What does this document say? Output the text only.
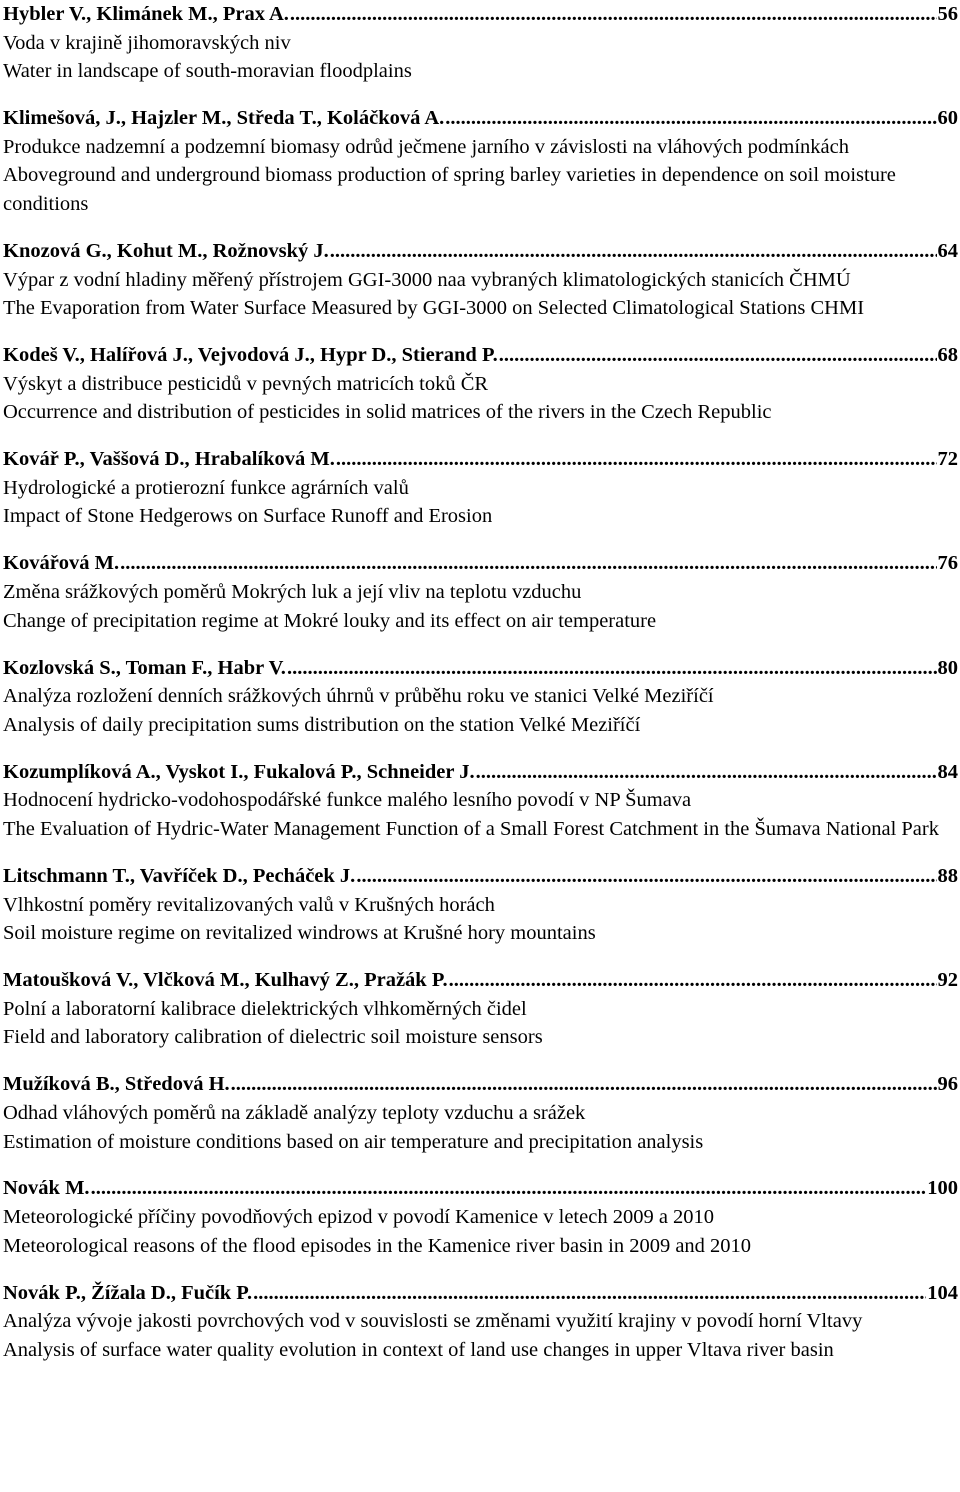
Hybler V., Klimánek M., Prax A. .....	56
Voda v krajině jihomoravských niv
Water in landscape of south-moravian floodplains
Klimešová, J., Hajzler M., Středa T., Koláčková A. .....	60
Produkce nadzemní a podzemní biomasy odrůd ječmene jarního v závislosti na vláhových podmínkách
Aboveground and underground biomass production of spring barley varieties in dependence on soil moisture conditions
Knozová G., Kohut M., Rožnovský J. .....	64
Výpar z vodní hladiny měřený přístrojem GGI-3000 naa vybraných klimatologických stanicích ČHMÚ
The Evaporation from Water Surface Measured by GGI-3000 on Selected Climatological Stations CHMI
Kodeš V., Halířová J., Vejvodová J., Hypr D., Stierand P. .....	68
Výskyt a distribuce pesticidů v pevných matricích toků ČR
Occurrence and distribution of pesticides in solid matrices of the rivers in the Czech Republic
Kovář P., Vaššová D., Hrabalíková M. .....	72
Hydrologické a protierozní funkce agrárních valů
Impact of Stone Hedgerows on Surface Runoff and Erosion
Kovářová M. .....	76
Změna srážkových poměrů Mokrých luk a její vliv na teplotu vzduchu
Change of precipitation regime at Mokré louky and its effect on air temperature
Kozlovská S., Toman F., Habr V. .....	80
Analýza rozložení denních srážkových úhrnů v průběhu roku ve stanici Velké Meziříčí
Analysis of daily precipitation sums distribution on the station Velké Meziříčí
Kozumplíková A., Vyskot I., Fukalová P., Schneider J. .....	84
Hodnocení hydricko-vodohospodářské funkce malého lesního povodí v NP Šumava
The Evaluation of Hydric-Water Management Function of a Small Forest Catchment in the Šumava National Park
Litschmann T., Vavříček D., Pecháček J. .....	88
Vlhkostní poměry revitalizovaných valů v Krušných horách
Soil moisture regime on revitalized windrows at Krušné hory mountains
Matoušková V., Vlčková M., Kulhavý Z., Pražák P. .....	92
Polní a laboratorní kalibrace dielektrických vlhkoměrných čidel
Field and laboratory calibration of dielectric soil moisture sensors
Mužíková B., Středová H. .....	96
Odhad vláhových poměrů na základě analýzy teploty vzduchu a srážek
Estimation of moisture conditions based on air temperature and precipitation analysis
Novák M. .....	100
Meteorologické příčiny povodňových epizod v povodí Kamenice v letech 2009 a 2010
Meteorological reasons of the flood episodes in the Kamenice river basin in 2009 and 2010
Novák P., Žížala D., Fučík P. .....	104
Analýza vývoje jakosti povrchových vod v souvislosti se změnami využití krajiny v povodí horní Vltavy
Analysis of surface water quality evolution in context of land use changes in upper Vltava river basin
